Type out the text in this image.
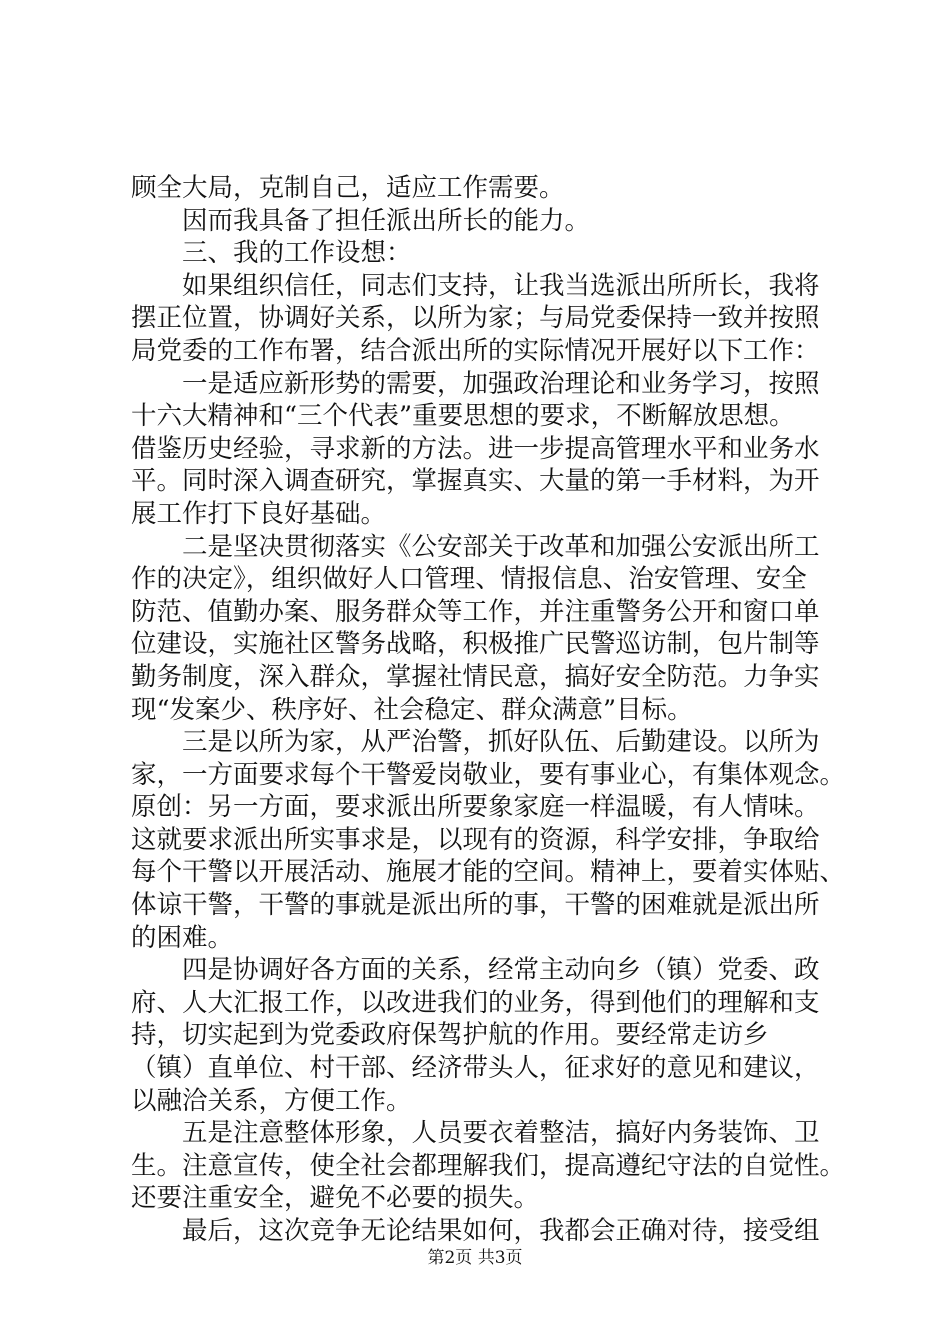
顾全大局，克制自己，适应工作需要。
因而我具备了担任派出所长的能力。
三、我的工作设想：
如果组织信任，同志们支持，让我当选派出所所长，我将
摆正位置，协调好关系，以所为家；与局党委保持一致并按照
局党委的工作布署，结合派出所的实际情况开展好以下工作：
一是适应新形势的需要，加强政治理论和业务学习，按照
十六大精神和“三个代表”重要思想的要求，不断解放思想。
借鉴历史经验，寻求新的方法。进一步提高管理水平和业务水
平。同时深入调查研究，掌握真实、大量的第一手材料，为开
展工作打下良好基础。
二是坚决贯彻落实《公安部关于改革和加强公安派出所工
作的决定》，组织做好人口管理、情报信息、治安管理、安全
防范、值勤办案、服务群众等工作，并注重警务公开和窗口单
位建设，实施社区警务战略，积极推广民警巡访制，包片制等
勤务制度，深入群众，掌握社情民意，搞好安全防范。力争实
现“发案少、秩序好、社会稳定、群众满意”目标。
三是以所为家，从严治警，抓好队伍、后勤建设。以所为
家，一方面要求每个干警爱岗敬业，要有事业心，有集体观念。
原创：另一方面，要求派出所要象家庭一样温暖，有人情味。
这就要求派出所实事求是，以现有的资源，科学安排，争取给
每个干警以开展活动、施展才能的空间。精神上，要着实体贴、
体谅干警，干警的事就是派出所的事，干警的困难就是派出所
的困难。
四是协调好各方面的关系，经常主动向乡（镇）党委、政
府、人大汇报工作，以改进我们的业务，得到他们的理解和支
持，切实起到为党委政府保驾护航的作用。要经常走访乡
（镇）直单位、村干部、经济带头人，征求好的意见和建议，
以融洽关系，方便工作。
五是注意整体形象，人员要衣着整洁，搞好内务装饰、卫
生。注意宣传，使全社会都理解我们，提高遵纪守法的自觉性。
还要注重安全，避免不必要的损失。
最后，这次竞争无论结果如何，我都会正确对待，接受组
第2页 共3页
